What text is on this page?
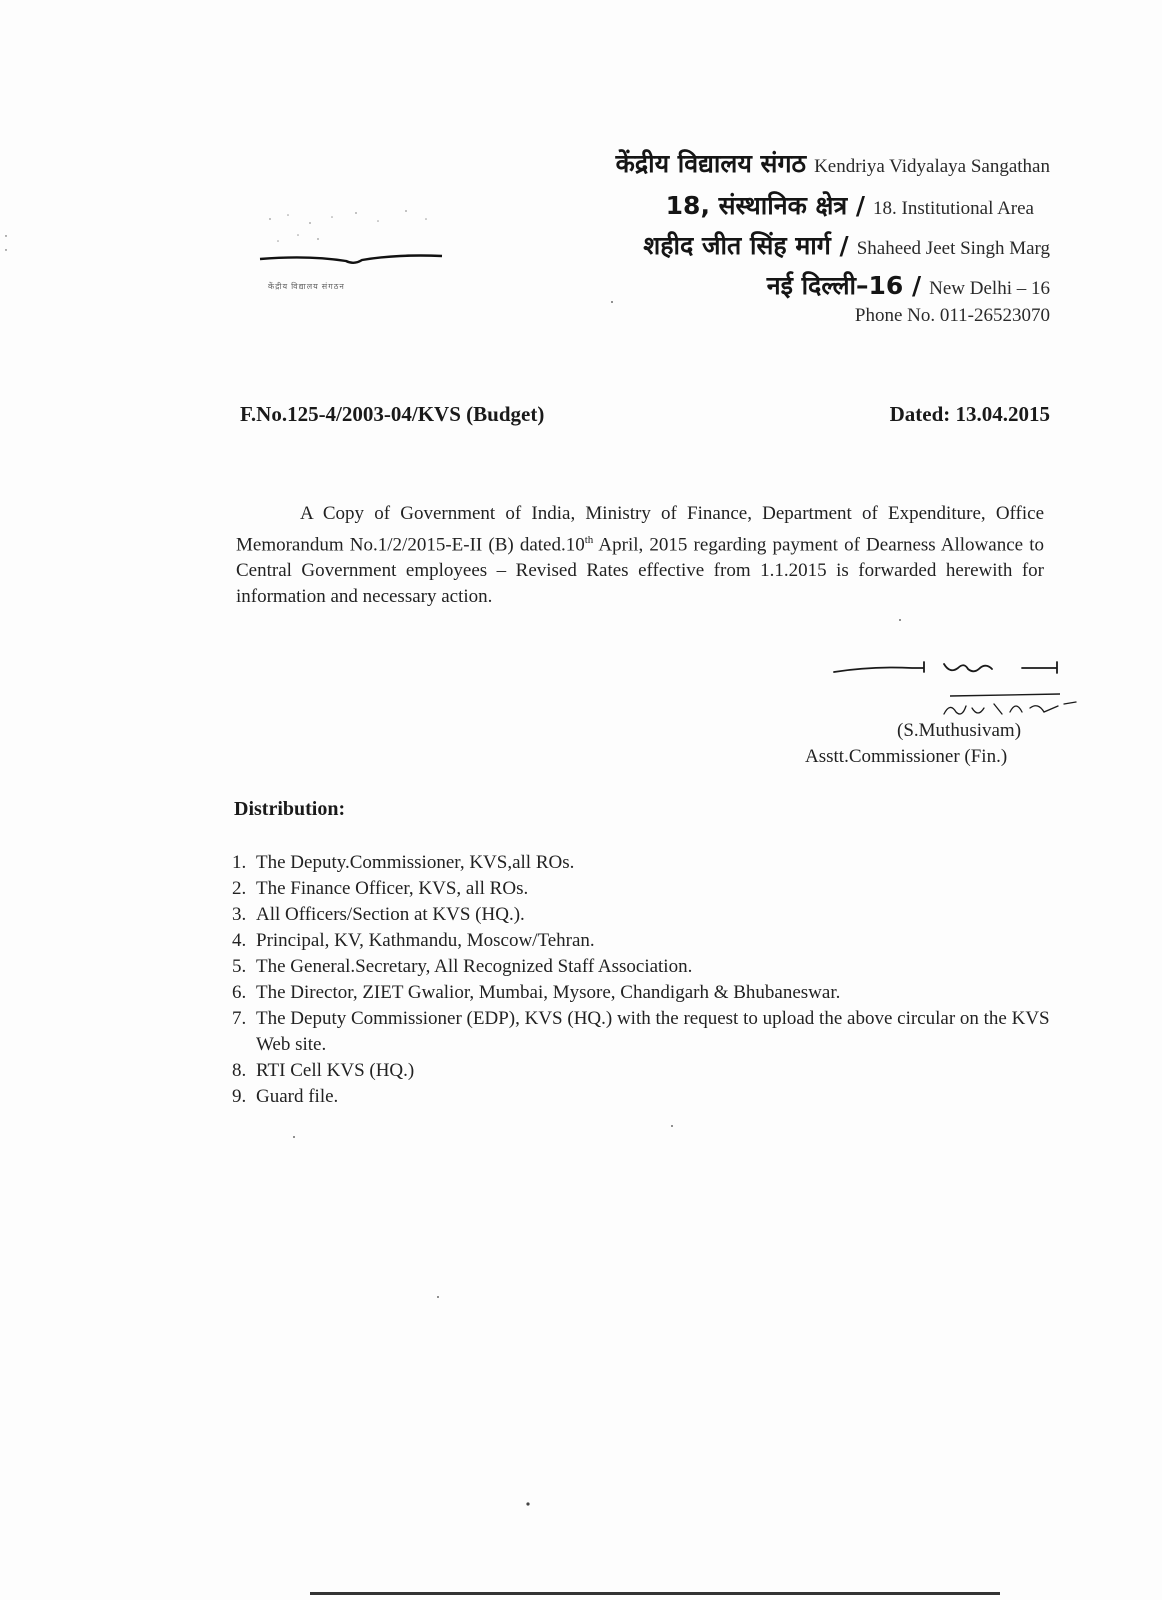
केंद्रीय विद्यालय संगठन
केंद्रीय विद्यालय संगठ Kendriya Vidyalaya Sangathan
18, संस्थानिक क्षेत्र / 18. Institutional Area
शहीद जीत सिंह मार्ग / Shaheed Jeet Singh Marg
नई दिल्ली–16 / New Delhi – 16
Phone No. 011-26523070
F.No.125-4/2003-04/KVS (Budget)	Dated: 13.04.2015

A Copy of Government of India, Ministry of Finance, Department of Expenditure, Office Memorandum No.1/2/2015-E-II (B) dated.10th April, 2015 regarding payment of Dearness Allowance to Central Government employees – Revised Rates effective from 1.1.2015 is forwarded herewith for information and necessary action.

(S.Muthusivam)
Asstt.Commissioner (Fin.)
Distribution:
1. The Deputy.Commissioner, KVS,all ROs.
2. The Finance Officer, KVS, all ROs.
3. All Officers/Section at KVS (HQ.).
4. Principal, KV, Kathmandu, Moscow/Tehran.
5. The General.Secretary, All Recognized Staff Association.
6. The Director, ZIET Gwalior, Mumbai, Mysore, Chandigarh & Bhubaneswar.
7. The Deputy Commissioner (EDP), KVS (HQ.) with the request to upload the above circular on the KVS Web site.
8. RTI Cell KVS (HQ.)
9. Guard file.
